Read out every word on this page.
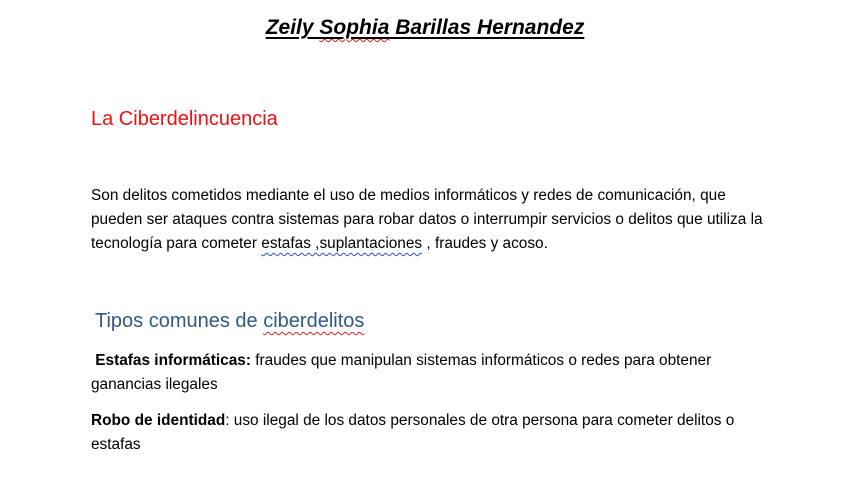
Zeily Sophia Barillas Hernandez
La Ciberdelincuencia
Son delitos cometidos mediante el uso de medios informáticos y redes de comunicación, que
pueden ser ataques contra sistemas para robar datos o interrumpir servicios o delitos que utiliza la
tecnología para cometer estafas ,suplantaciones , fraudes y acoso.
Tipos comunes de ciberdelitos
Estafas informáticas: fraudes que manipulan sistemas informáticos o redes para obtener
ganancias ilegales
Robo de identidad: uso ilegal de los datos personales de otra persona para cometer delitos o
estafas
